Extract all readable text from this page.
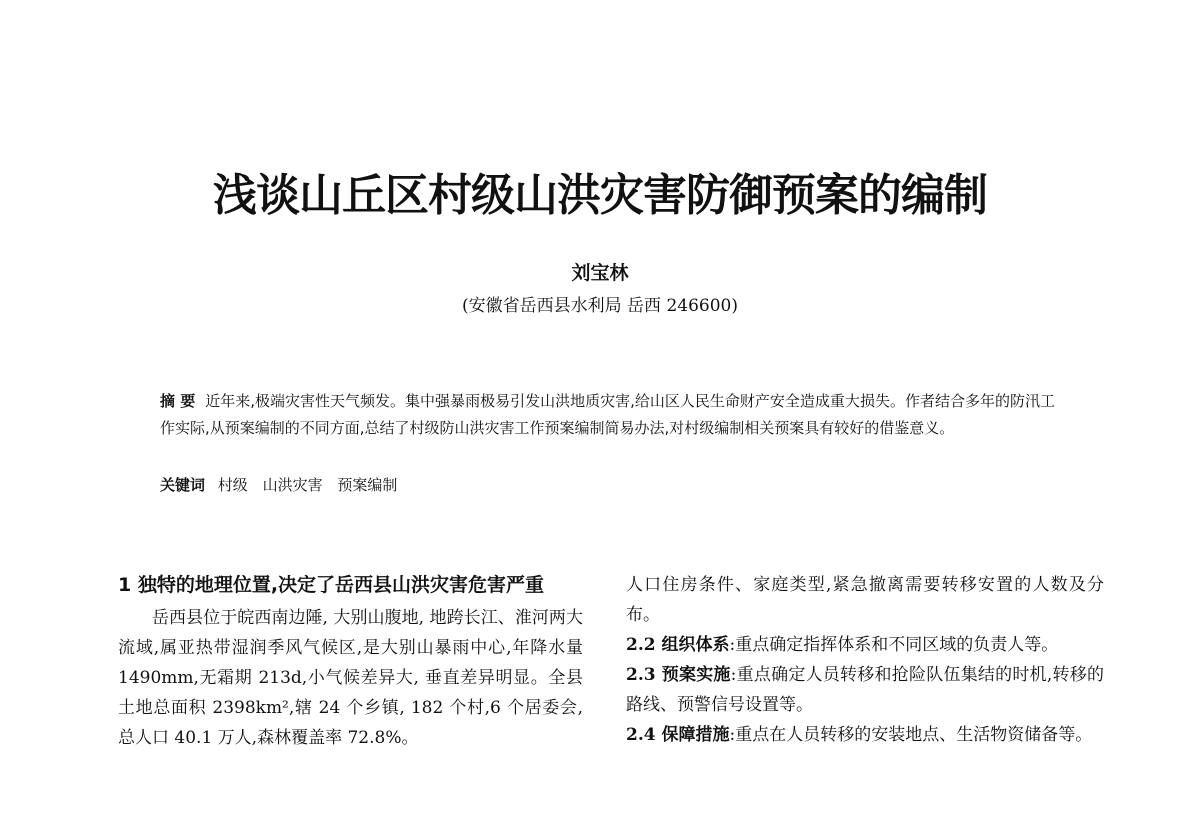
浅谈山丘区村级山洪灾害防御预案的编制
刘宝林
(安徽省岳西县水利局 岳西 246600)
摘 要 近年来,极端灾害性天气频发。集中强暴雨极易引发山洪地质灾害,给山区人民生命财产安全造成重大损失。作者结合多年的防汛工作实际,从预案编制的不同方面,总结了村级防山洪灾害工作预案编制简易办法,对村级编制相关预案具有较好的借鉴意义。
关键词 村级 山洪灾害 预案编制
1 独特的地理位置,决定了岳西县山洪灾害危害严重
岳西县位于皖西南边陲, 大别山腹地, 地跨长江、淮河两大流域,属亚热带湿润季风气候区,是大别山暴雨中心,年降水量 1490mm,无霜期 213d,小气候差异大, 垂直差异明显。全县土地总面积 2398km²,辖 24 个乡镇, 182 个村,6 个居委会,总人口 40.1 万人,森林覆盖率 72.8%。
人口住房条件、家庭类型,紧急撤离需要转移安置的人数及分布。
2.2 组织体系:重点确定指挥体系和不同区域的负责人等。
2.3 预案实施:重点确定人员转移和抢险队伍集结的时机,转移的路线、预警信号设置等。
2.4 保障措施:重点在人员转移的安装地点、生活物资储备等。
